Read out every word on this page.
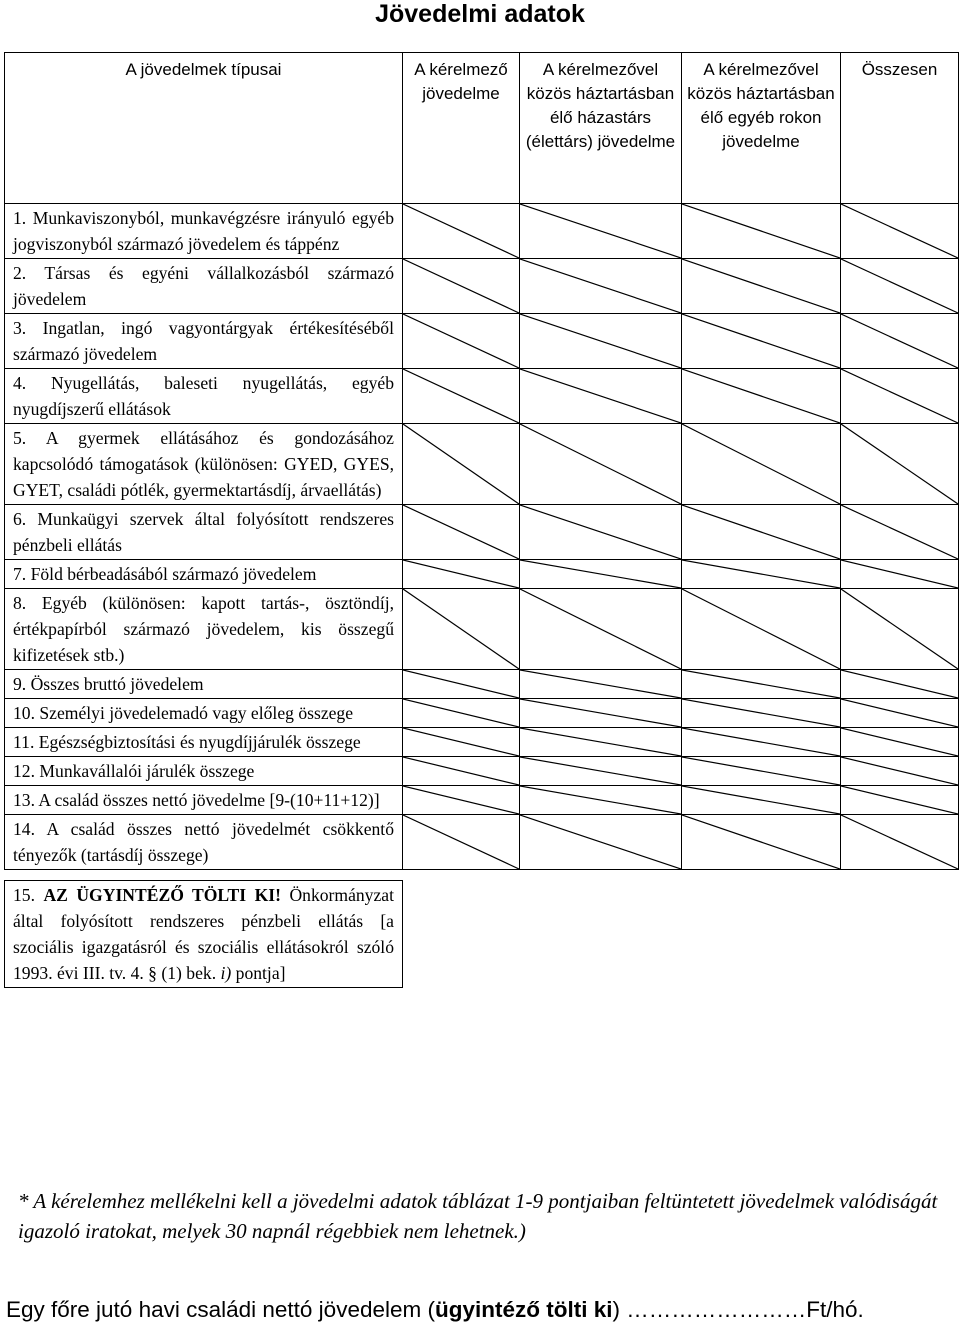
Jövedelmi adatok
A jövedelmek típusai	A kérelmező jövedelme	A kérelmezővel közös háztartásban élő házastárs (élettárs) jövedelme	A kérelmezővel közös háztartásban élő egyéb rokon jövedelme	Összesen
1. Munkaviszonyból, munkavégzésre irányuló egyéb jogviszonyból származó jövedelem és táppénz	

2. Társas és egyéni vállalkozásból származó jövedelem	

3. Ingatlan, ingó vagyontárgyak értékesítéséből származó jövedelem	

4. Nyugellátás, baleseti nyugellátás, egyéb nyugdíjszerű ellátások	

5. A gyermek ellátásához és gondozásához kapcsolódó támogatások (különösen: GYED, GYES, GYET, családi pótlék, gyermektartásdíj, árvaellátás)	

6. Munkaügyi szervek által folyósított rendszeres pénzbeli ellátás	

7. Föld bérbeadásából származó jövedelem	

8. Egyéb (különösen: kapott tartás-, ösztöndíj, értékpapírból származó jövedelem, kis összegű kifizetések stb.)	

9. Összes bruttó jövedelem	

10. Személyi jövedelemadó vagy előleg összege	

11. Egészségbiztosítási és nyugdíjjárulék összege	

12. Munkavállalói járulék összege	

13. A család összes nettó jövedelme [9-(10+11+12)]	

14. A család összes nettó jövedelmét csökkentő tényezők (tartásdíj összege)	

15. AZ ÜGYINTÉZŐ TÖLTI KI! Önkormányzat által folyósított rendszeres pénzbeli ellátás [a szociális igazgatásról és szociális ellátásokról szóló 1993. évi III. tv. 4. § (1) bek. i) pontja]				
* A kérelemhez mellékelni kell a jövedelmi adatok táblázat 1-9 pontjaiban feltüntetett jövedelmek valódiságát igazoló iratokat, melyek 30 napnál régebbiek nem lehetnek.)
Egy főre jutó havi családi nettó jövedelem (ügyintéző tölti ki) ……………………Ft/hó.
